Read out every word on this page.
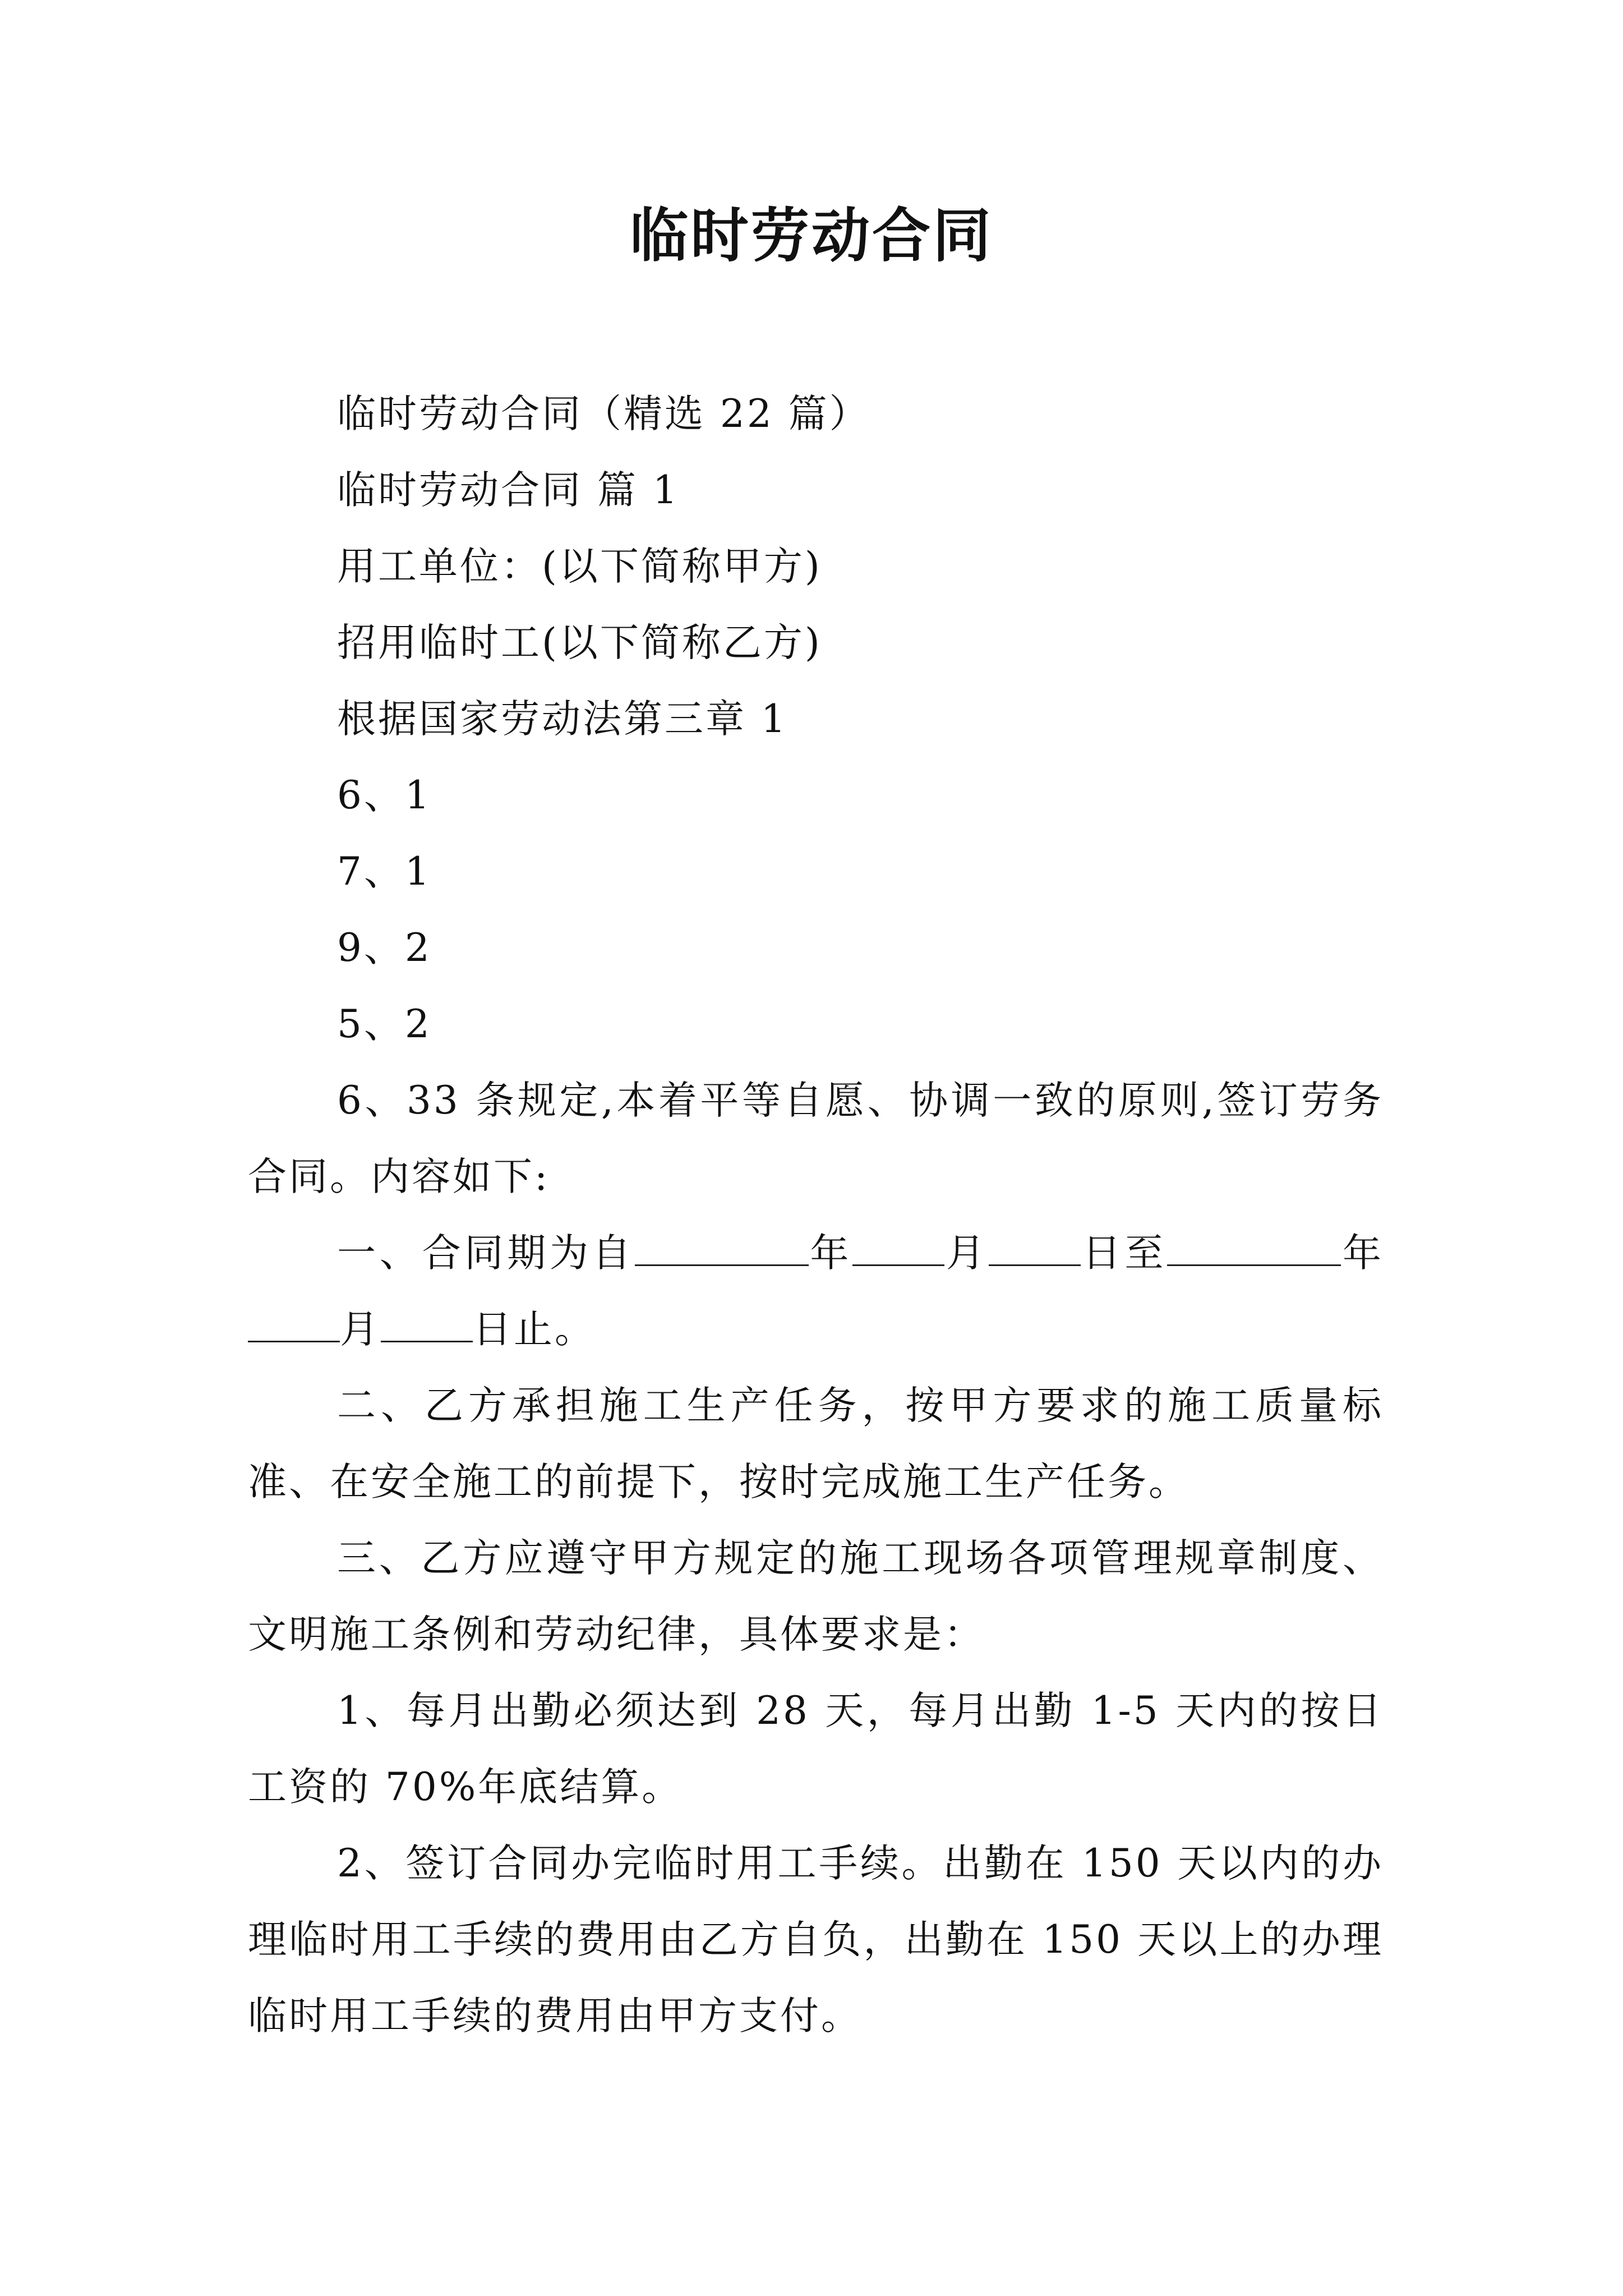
临时劳动合同

临时劳动合同（精选 22 篇）

临时劳动合同 篇 1

用工单位：(以下简称甲方)

招用临时工(以下简称乙方)

根据国家劳动法第三章 1

6、1

7、1

9、2

5、2

6、33 条规定,本着平等自愿、协调一致的原则,签订劳务合同。内容如下:

一、合同期为自	年 月 日至	年月 日止。

二、乙方承担施工生产任务，按甲方要求的施工质量标准、在安全施工的前提下，按时完成施工生产任务。

三、乙方应遵守甲方规定的施工现场各项管理规章制度、文明施工条例和劳动纪律，具体要求是：

1、每月出勤必须达到 28 天，每月出勤 1-5 天内的按日工资的 70%年底结算。

2、签订合同办完临时用工手续。出勤在 150 天以内的办理临时用工手续的费用由乙方自负，出勤在 150 天以上的办理临时用工手续的费用由甲方支付。
